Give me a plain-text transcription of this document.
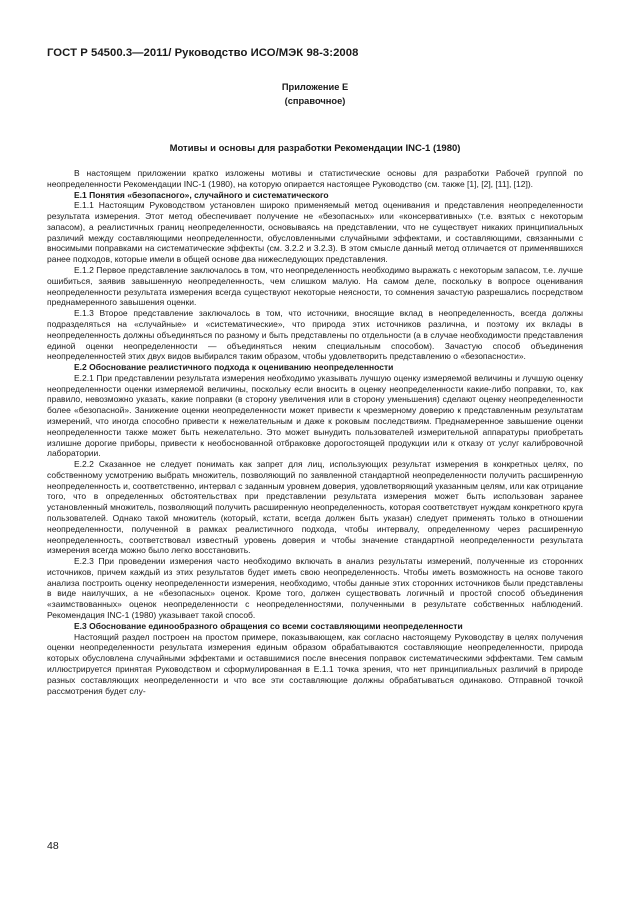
ГОСТ Р 54500.3—2011/ Руководство ИСО/МЭК 98-3:2008
Приложение Е
(справочное)
Мотивы и основы для разработки Рекомендации INC-1 (1980)

В настоящем приложении кратко изложены мотивы и статистические основы для разработки Рабочей группой по неопределенности Рекомендации INC-1 (1980), на которую опирается настоящее Руководство (см. также [1], [2], [11], [12]).

Е.1 Понятия «безопасного», случайного и систематического

Е.1.1 Настоящим Руководством установлен широко применяемый метод оценивания и представления неопределенности результата измерения. Этот метод обеспечивает получение не «безопасных» или «консервативных» (т.е. взятых с некоторым запасом), а реалистичных границ неопределенности, основываясь на представлении, что не существует никаких принципиальных различий между составляющими неопределенности, обусловленными случайными эффектами, и составляющими, связанными с вносимыми поправками на систематические эффекты (см. 3.2.2 и 3.2.3). В этом смысле данный метод отличается от применявшихся ранее подходов, которые имели в общей основе два нижеследующих представления.

Е.1.2 Первое представление заключалось в том, что неопределенность необходимо выражать с некоторым запасом, т.е. лучше ошибиться, заявив завышенную неопределенность, чем слишком малую. На самом деле, поскольку в вопросе оценивания неопределенности результата измерения всегда существуют некоторые неясности, то сомнения зачастую разрешались посредством преднамеренного завышения оценки.

Е.1.3 Второе представление заключалось в том, что источники, вносящие вклад в неопределенность, всегда должны подразделяться на «случайные» и «систематические», что природа этих источников различна, и поэтому их вклады в неопределенность должны объединяться по разному и быть представлены по отдельности (а в случае необходимости представления единой оценки неопределенности — объединяться неким специальным способом). Зачастую способ объединения неопределенностей этих двух видов выбирался таким образом, чтобы удовлетворить представлению о «безопасности».

Е.2 Обоснование реалистичного подхода к оцениванию неопределенности

Е.2.1 При представлении результата измерения необходимо указывать лучшую оценку измеряемой величины и лучшую оценку неопределенности оценки измеряемой величины, поскольку если вносить в оценку неопределенности какие-либо поправки, то, как правило, невозможно указать, какие поправки (в сторону увеличения или в сторону уменьшения) сделают оценку неопределенности более «безопасной». Занижение оценки неопределенности может привести к чрезмерному доверию к представленным результатам измерений, что иногда способно привести к нежелательным и даже к роковым последствиям. Преднамеренное завышение оценки неопределенности также может быть нежелательно. Это может вынудить пользователей измерительной аппаратуры приобретать излишне дорогие приборы, привести к необоснованной отбраковке дорогостоящей продукции или к отказу от услуг калибровочной лаборатории.

Е.2.2 Сказанное не следует понимать как запрет для лиц, использующих результат измерения в конкретных целях, по собственному усмотрению выбрать множитель, позволяющий по заявленной стандартной неопределенности получить расширенную неопределенность и, соответственно, интервал с заданным уровнем доверия, удовлетворяющий указанным целям, или как отрицание того, что в определенных обстоятельствах при представлении результата измерения может быть использован заранее установленный множитель, позволяющий получить расширенную неопределенность, которая соответствует нуждам конкретного круга пользователей. Однако такой множитель (который, кстати, всегда должен быть указан) следует применять только в отношении неопределенности, полученной в рамках реалистичного подхода, чтобы интервалу, определенному через расширенную неопределенность, соответствовал известный уровень доверия и чтобы значение стандартной неопределенности результата измерения всегда можно было легко восстановить.

Е.2.3 При проведении измерения часто необходимо включать в анализ результаты измерений, полученные из сторонних источников, причем каждый из этих результатов будет иметь свою неопределенность. Чтобы иметь возможность на основе такого анализа построить оценку неопределенности измерения, необходимо, чтобы данные этих сторонних источников были представлены в виде наилучших, а не «безопасных» оценок. Кроме того, должен существовать логичный и простой способ объединения «заимствованных» оценок неопределенности с неопределенностями, полученными в результате собственных наблюдений. Рекомендация INC-1 (1980) указывает такой способ.

Е.3 Обоснование единообразного обращения со всеми составляющими неопределенности

Настоящий раздел построен на простом примере, показывающем, как согласно настоящему Руководству в целях получения оценки неопределенности результата измерения единым образом обрабатываются составляющие неопределенности, природа которых обусловлена случайными эффектами и оставшимися после внесения поправок систематическими эффектами. Тем самым иллюстрируется принятая Руководством и сформулированная в Е.1.1 точка зрения, что нет принципиальных различий в природе разных составляющих неопределенности и что все эти составляющие должны обрабатываться одинаково. Отправной точкой рассмотрения будет слу-

48
